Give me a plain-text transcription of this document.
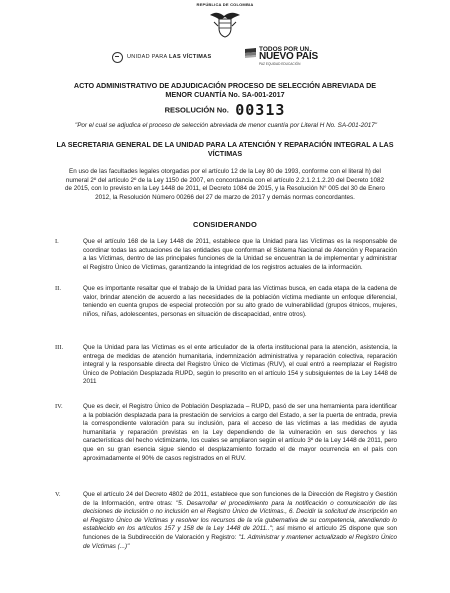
REPÚBLICA DE COLOMBIA
UNIDAD PARA LAS VÍCTIMAS
TODOS POR UN
NUEVO PAÍS
PAZ EQUIDAD EDUCACIÓN
ACTO ADMINISTRATIVO DE ADJUDICACIÓN PROCESO DE SELECCIÓN ABREVIADA DE MENOR CUANTÍA No. SA-001-2017
RESOLUCIÓN No. 00313
"Por el cual se adjudica el proceso de selección abreviada de menor cuantía por Literal H No. SA-001-2017"
LA SECRETARIA GENERAL DE LA UNIDAD PARA LA ATENCIÓN Y REPARACIÓN INTEGRAL A LAS VÍCTIMAS
En uso de las facultades legales otorgadas por el artículo 12 de la Ley 80 de 1993, conforme con el literal h) del numeral 2º del artículo 2º de la Ley 1150 de 2007, en concordancia con el artículo 2.2.1.2.1.2.20 del Decreto 1082 de 2015, con lo previsto en la Ley 1448 de 2011, el Decreto 1084 de 2015, y la Resolución N° 005 del 30 de Enero 2012, la Resolución Número 00266 del 27 de marzo de 2017 y demás normas concordantes.
CONSIDERANDO
I.	Que el artículo 168 de la Ley 1448 de 2011, establece que la Unidad para las Víctimas es la responsable de coordinar todas las actuaciones de las entidades que conforman el Sistema Nacional de Atención y Reparación a las Víctimas, dentro de las principales funciones de la Unidad se encuentran la de implementar y administrar el Registro Único de Víctimas, garantizando la integridad de los registros actuales de la información.
II.	Que es importante resaltar que el trabajo de la Unidad para las Víctimas busca, en cada etapa de la cadena de valor, brindar atención de acuerdo a las necesidades de la población víctima mediante un enfoque diferencial, teniendo en cuenta grupos de especial protección por su alto grado de vulnerabilidad (grupos étnicos, mujeres, niños, niñas, adolescentes, personas en situación de discapacidad, entre otros).
III.	Que la Unidad para las Víctimas es el ente articulador de la oferta institucional para la atención, asistencia, la entrega de medidas de atención humanitaria, indemnización administrativa y reparación colectiva, reparación integral y la responsable directa del Registro Único de Víctimas (RUV), el cual entró a reemplazar el Registro Único de Población Desplazada RUPD, según lo prescrito en el artículo 154 y subsiguientes de la Ley 1448 de 2011
IV.	Que es decir, el Registro Único de Población Desplazada – RUPD, pasó de ser una herramienta para identificar a la población desplazada para la prestación de servicios a cargo del Estado, a ser la puerta de entrada, previa la correspondiente valoración para su inclusión, para el acceso de las víctimas a las medidas de ayuda humanitaria y reparación previstas en la Ley dependiendo de la vulneración en sus derechos y las características del hecho victimizante, los cuales se ampliaron según el artículo 3º de la Ley 1448 de 2011, pero que en su gran esencia sigue siendo el desplazamiento forzado el de mayor ocurrencia en el país con aproximadamente el 90% de casos registrados en el RUV.
V.	Que el artículo 24 del Decreto 4802 de 2011, establece que son funciones de la Dirección de Registro y Gestión de la Información, entre otras: "5. Desarrollar el procedimiento para la notificación o comunicación de las decisiones de inclusión o no inclusión en el Registro Único de Víctimas., 6. Decidir la solicitud de inscripción en el Registro Único de Víctimas y resolver los recursos de la vía gubernativa de su competencia, atendiendo lo establecido en los artículos 157 y 158 de la Ley 1448 de 2011.."; así mismo el artículo 25 dispone que son funciones de la Subdirección de Valoración y Registro: "1. Administrar y mantener actualizado el Registro Único de Víctimas (...)"
